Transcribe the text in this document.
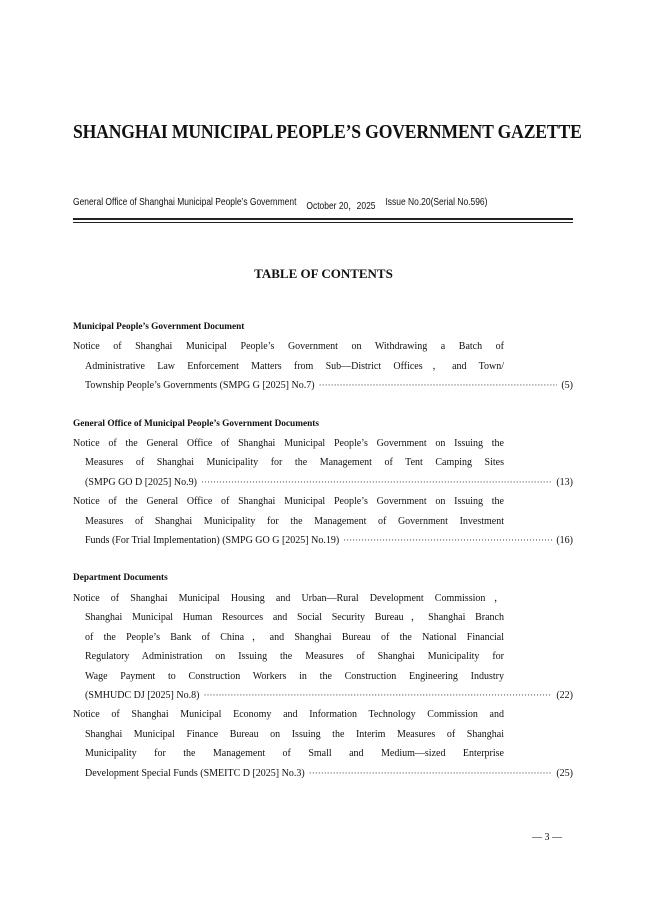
SHANGHAI MUNICIPAL PEOPLE’S GOVERNMENT GAZETTE
General Office of Shanghai Municipal People’s Government October 20，2025 Issue No.20(Serial No.596)
TABLE OF CONTENTS
Municipal People’s Government Document
Notice of Shanghai Municipal People’s Government on Withdrawing a Batch of
Administrative Law Enforcement Matters from Sub—District Offices，and Town/
Township People’s Governments (SMPG G [2025] No.7) ·····	(5)
General Office of Municipal People’s Government Documents
Notice of the General Office of Shanghai Municipal People’s Government on Issuing the
Measures of Shanghai Municipality for the Management of Tent Camping Sites
(SMPG GO D [2025] No.9) ·····	(13)
Notice of the General Office of Shanghai Municipal People’s Government on Issuing the
Measures of Shanghai Municipality for the Management of Government Investment
Funds (For Trial Implementation) (SMPG GO G [2025] No.19) ·····	(16)
Department Documents
Notice of Shanghai Municipal Housing and Urban—Rural Development Commission，
Shanghai Municipal Human Resources and Social Security Bureau，Shanghai Branch
of the People’s Bank of China，and Shanghai Bureau of the National Financial
Regulatory Administration on Issuing the Measures of Shanghai Municipality for
Wage Payment to Construction Workers in the Construction Engineering Industry
(SMHUDC DJ [2025] No.8) ·····	(22)
Notice of Shanghai Municipal Economy and Information Technology Commission and
Shanghai Municipal Finance Bureau on Issuing the Interim Measures of Shanghai
Municipality for the Management of Small and Medium—sized Enterprise
Development Special Funds (SMEITC D [2025] No.3) ·····	(25)
— 3 —
